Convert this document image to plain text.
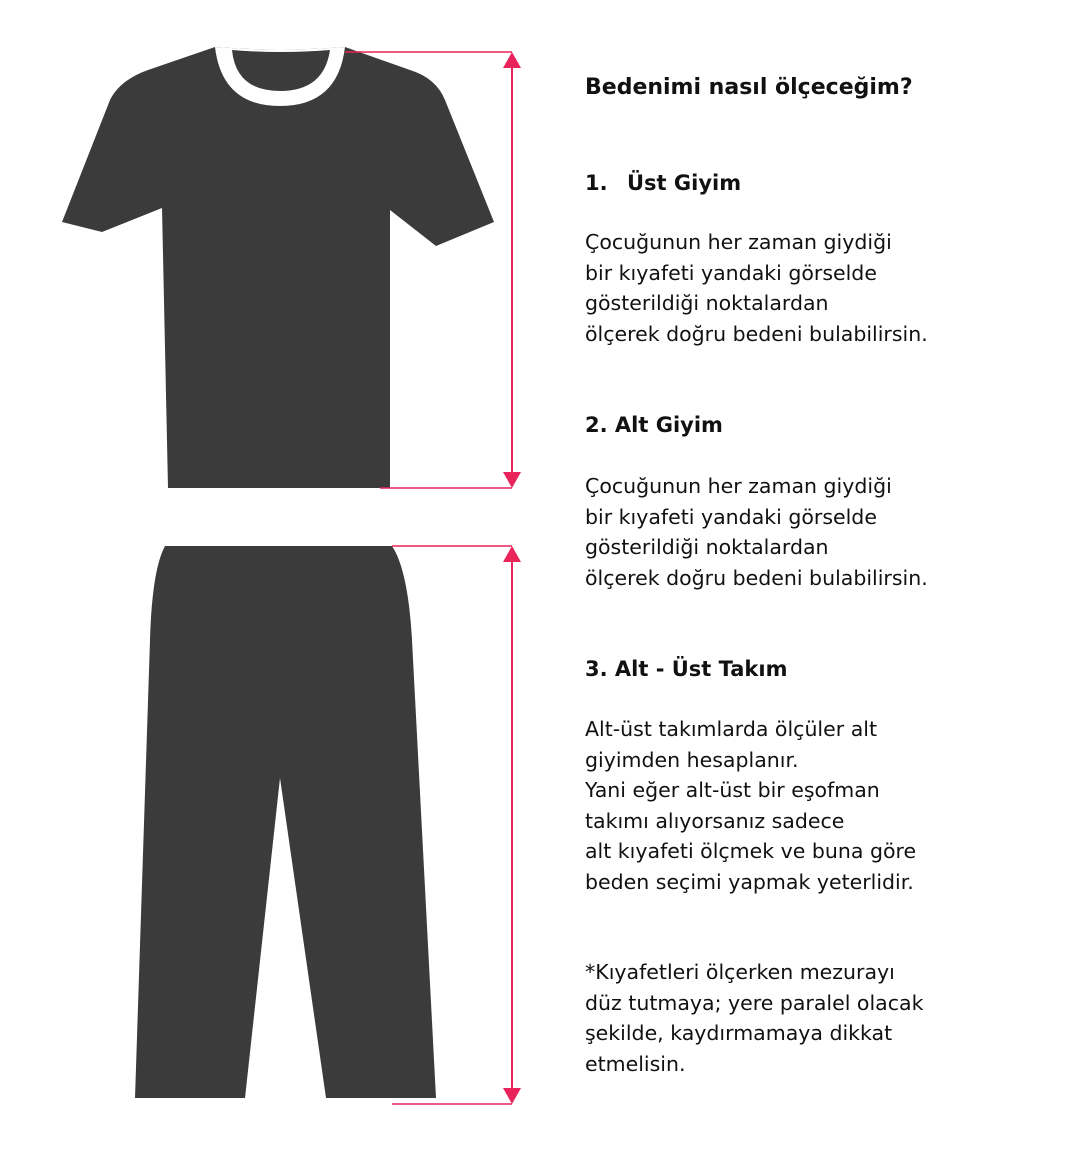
Bedenimi nasıl ölçeceğim?
1. Üst Giyim

Çocuğunun her zaman giydiği
bir kıyafeti yandaki görselde
gösterildiği noktalardan
ölçerek doğru bedeni bulabilirsin.

2. Alt Giyim

Çocuğunun her zaman giydiği
bir kıyafeti yandaki görselde
gösterildiği noktalardan
ölçerek doğru bedeni bulabilirsin.

3. Alt - Üst Takım

Alt-üst takımlarda ölçüler alt
giyimden hesaplanır.
Yani eğer alt-üst bir eşofman
takımı alıyorsanız sadece
alt kıyafeti ölçmek ve buna göre
beden seçimi yapmak yeterlidir.

*Kıyafetleri ölçerken mezurayı
düz tutmaya; yere paralel olacak
şekilde, kaydırmamaya dikkat
etmelisin.
